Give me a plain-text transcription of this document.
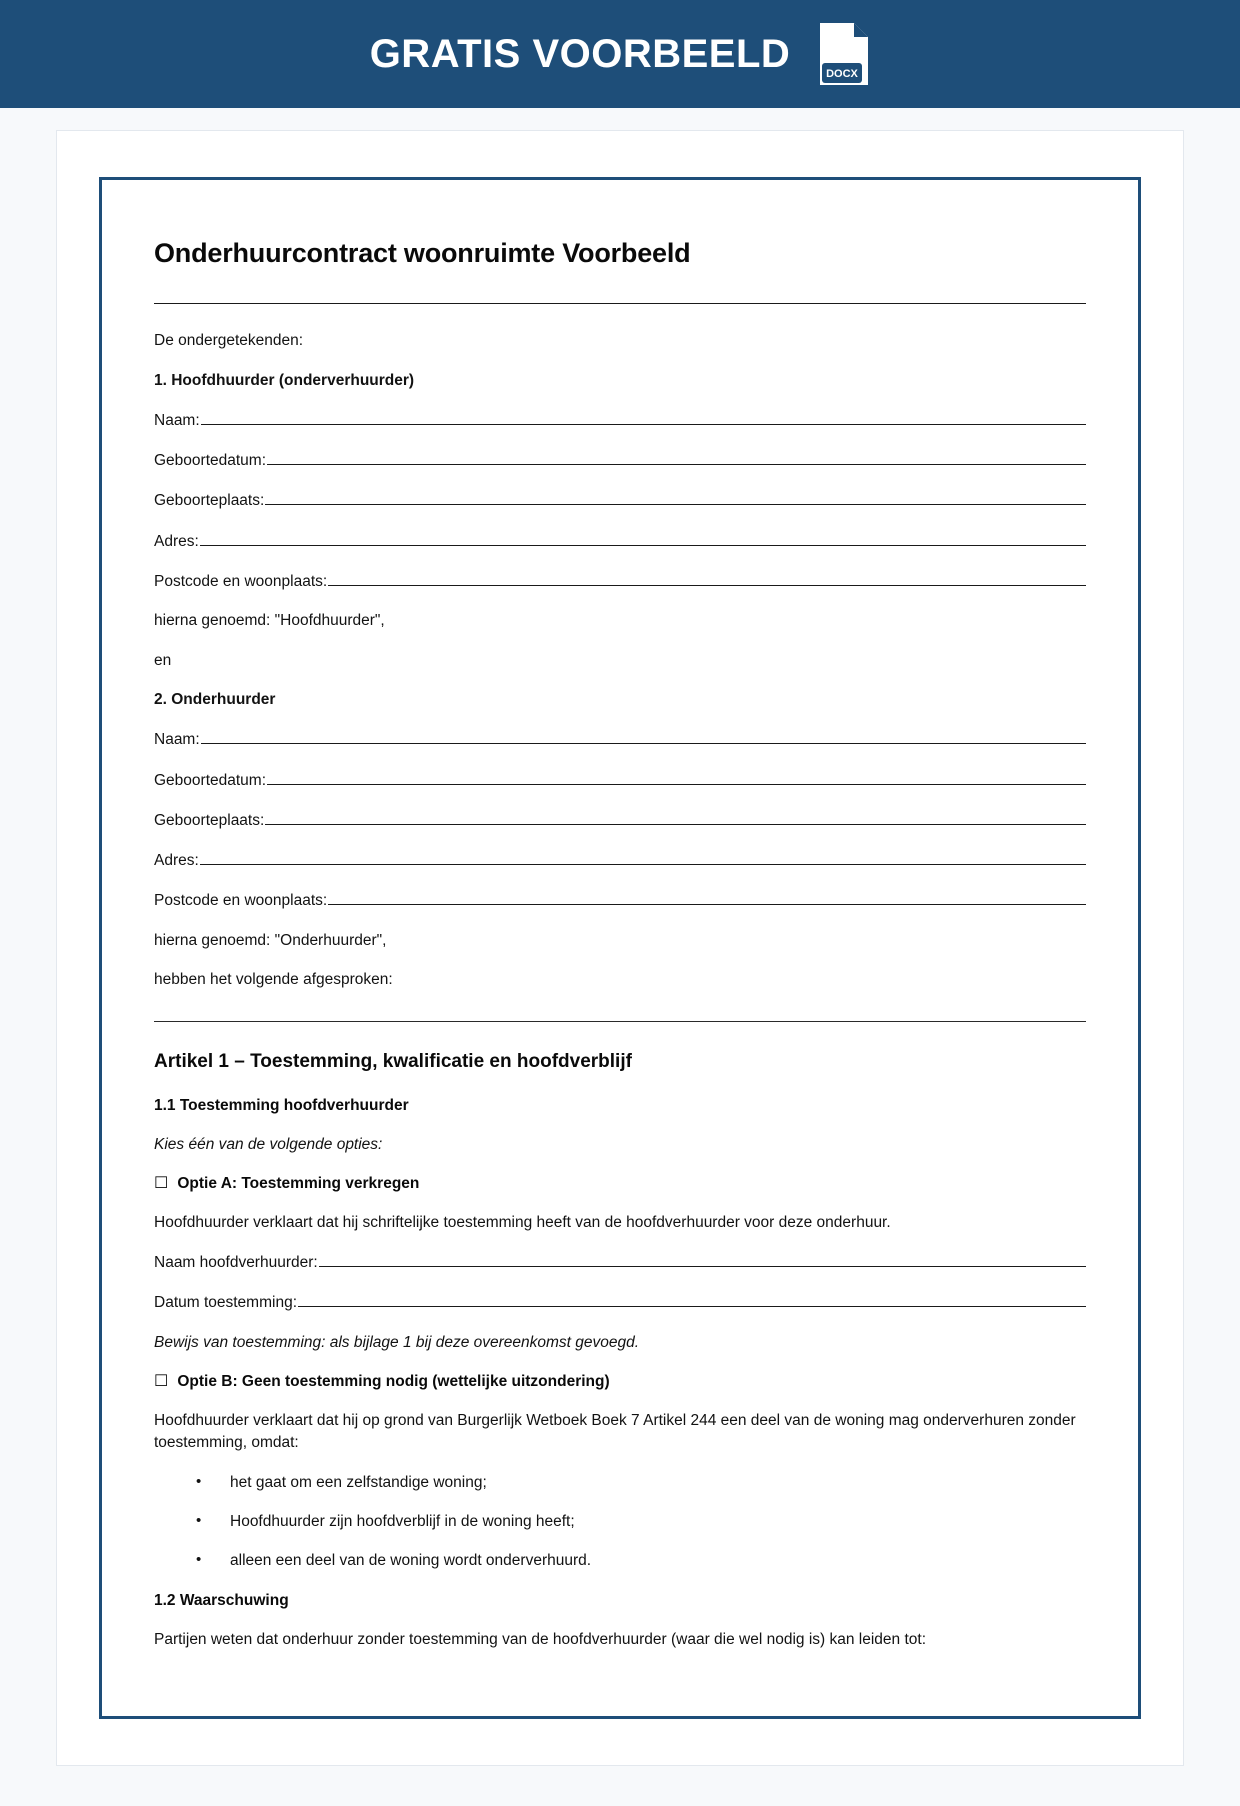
GRATIS VOORBEELD	DOCX
Onderhuurcontract woonruimte Voorbeeld

De ondergetekenden:

1. Hoofdhuurder (onderverhuurder)

Naam:
Geboortedatum:
Geboorteplaats:
Adres:
Postcode en woonplaats:

hierna genoemd: "Hoofdhuurder",

en

2. Onderhuurder

Naam:
Geboortedatum:
Geboorteplaats:
Adres:
Postcode en woonplaats:

hierna genoemd: "Onderhuurder",

hebben het volgende afgesproken:

Artikel 1 – Toestemming, kwalificatie en hoofdverblijf
1.1 Toestemming hoofdverhuurder

Kies één van de volgende opties:

☐ Optie A: Toestemming verkregen

Hoofdhuurder verklaart dat hij schriftelijke toestemming heeft van de hoofdverhuurder voor deze onderhuur.

Naam hoofdverhuurder:
Datum toestemming:

Bewijs van toestemming: als bijlage 1 bij deze overeenkomst gevoegd.

☐ Optie B: Geen toestemming nodig (wettelijke uitzondering)

Hoofdhuurder verklaart dat hij op grond van Burgerlijk Wetboek Boek 7 Artikel 244 een deel van de woning mag onderverhuren zonder toestemming, omdat:

• het gaat om een zelfstandige woning;
• Hoofdhuurder zijn hoofdverblijf in de woning heeft;
• alleen een deel van de woning wordt onderverhuurd.
1.2 Waarschuwing

Partijen weten dat onderhuur zonder toestemming van de hoofdverhuurder (waar die wel nodig is) kan leiden tot:
